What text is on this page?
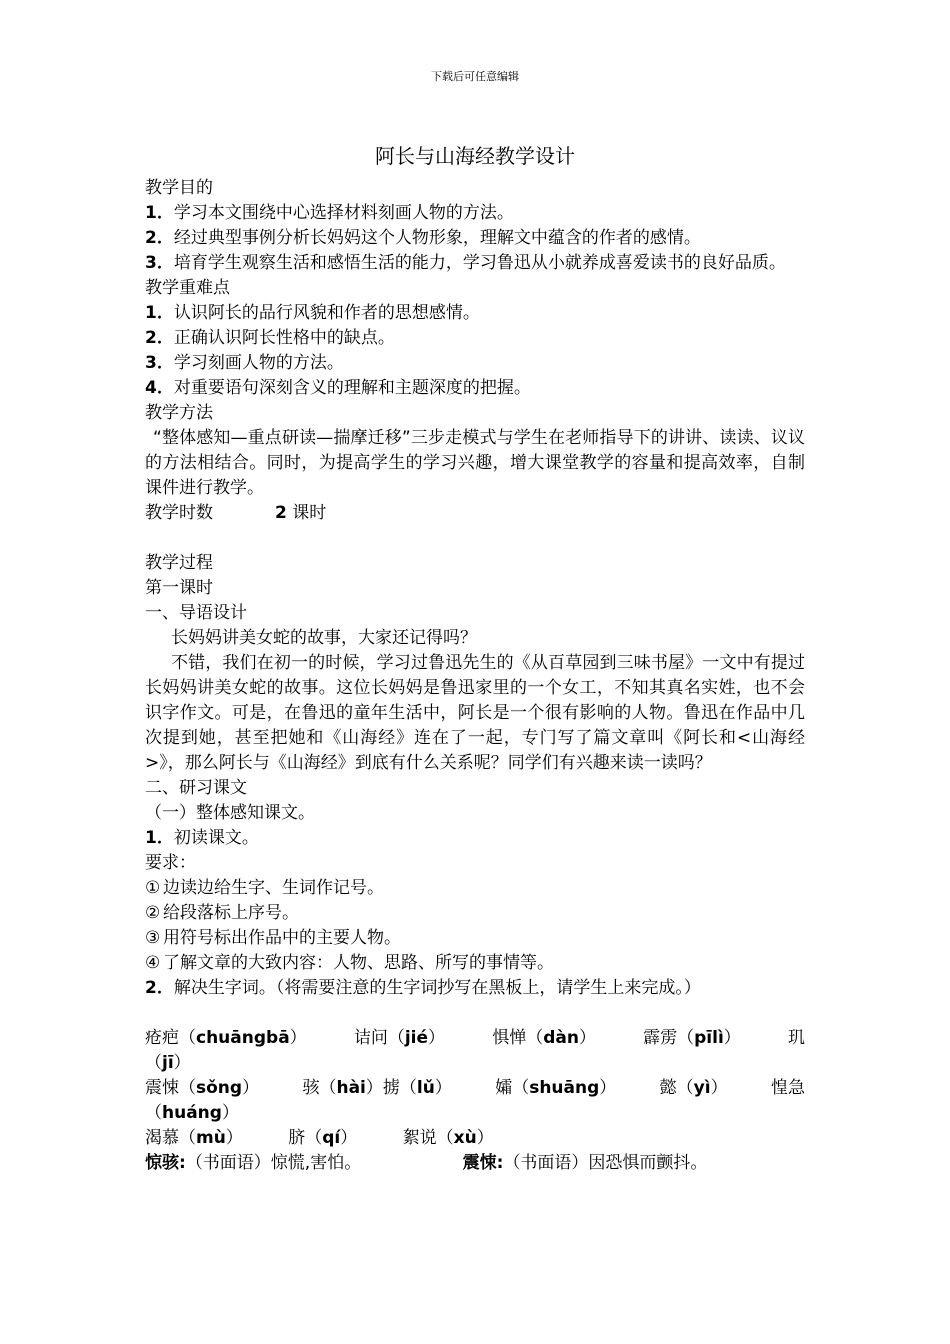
下载后可任意编辑
阿长与山海经教学设计
教学目的
1．学习本文围绕中心选择材料刻画人物的方法。
2．经过典型事例分析长妈妈这个人物形象，理解文中蕴含的作者的感情。
3．培育学生观察生活和感悟生活的能力，学习鲁迅从小就养成喜爱读书的良好品质。
教学重难点
1．认识阿长的品行风貌和作者的思想感情。
2．正确认识阿长性格中的缺点。
3．学习刻画人物的方法。
4．对重要语句深刻含义的理解和主题深度的把握。
教学方法
“整体感知—重点研读—揣摩迁移”三步走模式与学生在老师指导下的讲讲、读读、议议的方法相结合。同时，为提高学生的学习兴趣，增大课堂教学的容量和提高效率，自制课件进行教学。
教学时数	2 课时
教学过程
第一课时
一、导语设计
长妈妈讲美女蛇的故事，大家还记得吗？
不错，我们在初一的时候，学习过鲁迅先生的《从百草园到三味书屋》一文中有提过长妈妈讲美女蛇的故事。这位长妈妈是鲁迅家里的一个女工，不知其真名实姓，也不会识字作文。可是，在鲁迅的童年生活中，阿长是一个很有影响的人物。鲁迅在作品中几次提到她，甚至把她和《山海经》连在了一起，专门写了篇文章叫《阿长和<山海经>》，那么阿长与《山海经》到底有什么关系呢？同学们有兴趣来读一读吗？
二、研习课文
（一）整体感知课文。
1．初读课文。
要求：
① 边读边给生字、生词作记号。
② 给段落标上序号。
③ 用符号标出作品中的主要人物。
④ 了解文章的大致内容：人物、思路、所写的事情等。
2．解决生字词。（将需要注意的生字词抄写在黑板上，请学生上来完成。）
疮疤（chuāngbā）	诘问（jié）	惧惮（dàn）	霹雳（pīlì）	玑
（jī）
震悚（sǒng）	骇（hài）掳（lǔ）	孀（shuāng）	懿（yì）	惶急
（huáng）
渴慕（mù）	脐（qí）	絮说（xù）
惊骇:（书面语）惊慌,害怕。	震悚:（书面语）因恐惧而颤抖。
